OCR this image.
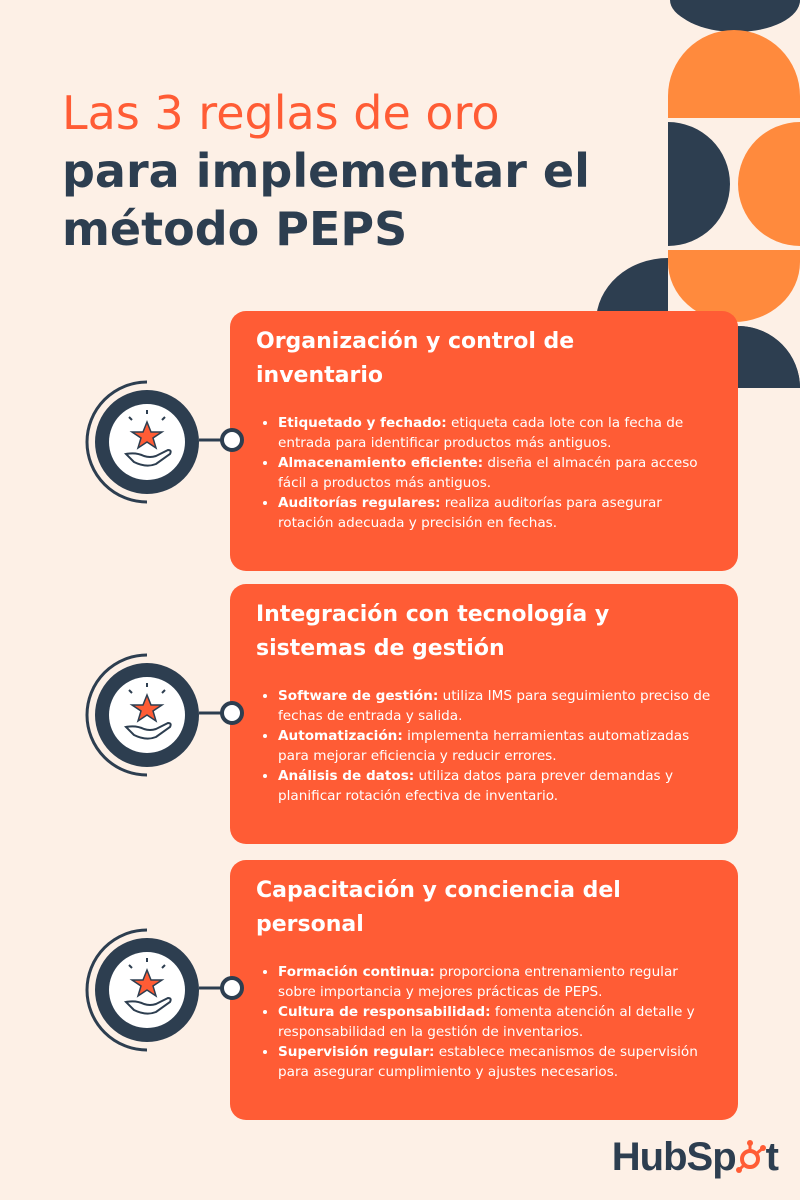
Las 3 reglas de oro
para implementar el
método PEPS
Organización y control de
inventario
• Etiquetado y fechado: etiqueta cada lote con la fecha de entrada para identificar productos más antiguos.
• Almacenamiento eficiente: diseña el almacén para acceso fácil a productos más antiguos.
• Auditorías regulares: realiza auditorías para asegurar rotación adecuada y precisión en fechas.
Integración con tecnología y
sistemas de gestión
• Software de gestión: utiliza IMS para seguimiento preciso de fechas de entrada y salida.
• Automatización: implementa herramientas automatizadas para mejorar eficiencia y reducir errores.
• Análisis de datos: utiliza datos para prever demandas y planificar rotación efectiva de inventario.
Capacitación y conciencia del
personal
• Formación continua: proporciona entrenamiento regular sobre importancia y mejores prácticas de PEPS.
• Cultura de responsabilidad: fomenta atención al detalle y responsabilidad en la gestión de inventarios.
• Supervisión regular: establece mecanismos de supervisión para asegurar cumplimiento y ajustes necesarios.
HubSp t
